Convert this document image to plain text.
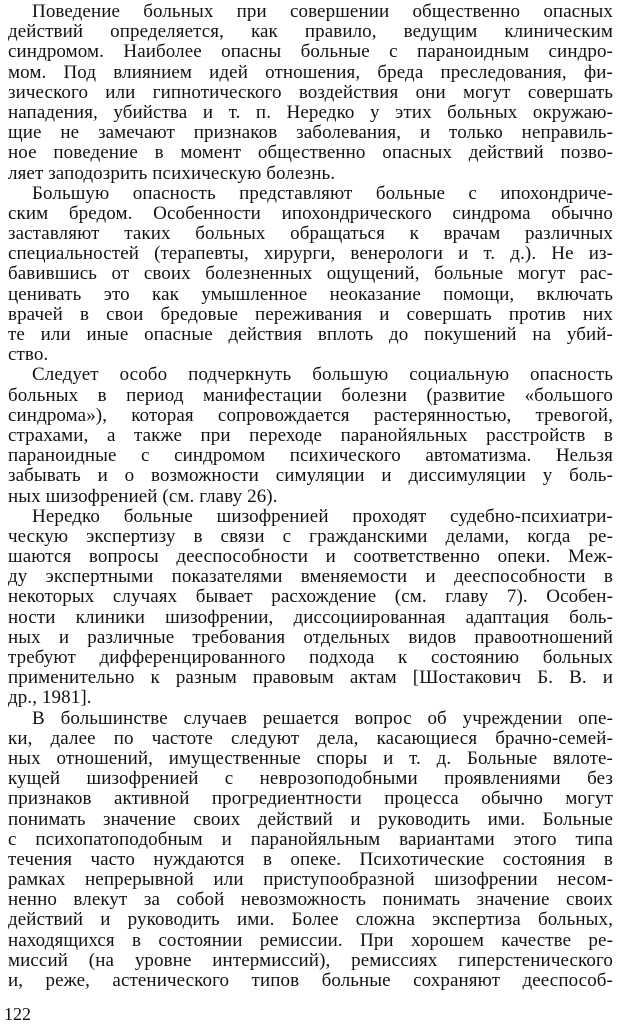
Поведение больных при совершении общественно опасных
действий определяется, как правило, ведущим клиническим
синдромом. Наиболее опасны больные с параноидным синдро-
мом. Под влиянием идей отношения, бреда преследования, фи-
зического или гипнотического воздействия они могут совершать
нападения, убийства и т. п. Нередко у этих больных окружаю-
щие не замечают признаков заболевания, и только неправиль-
ное поведение в момент общественно опасных действий позво-
ляет заподозрить психическую болезнь.
Большую опасность представляют больные с ипохондриче-
ским бредом. Особенности ипохондрического синдрома обычно
заставляют таких больных обращаться к врачам различных
специальностей (терапевты, хирурги, венерологи и т. д.). Не из-
бавившись от своих болезненных ощущений, больные могут рас-
ценивать это как умышленное неоказание помощи, включать
врачей в свои бредовые переживания и совершать против них
те или иные опасные действия вплоть до покушений на убий-
ство.
Следует особо подчеркнуть большую социальную опасность
больных в период манифестации болезни (развитие «большого
синдрома»), которая сопровождается растерянностью, тревогой,
страхами, а также при переходе паранойяльных расстройств в
параноидные с синдромом психического автоматизма. Нельзя
забывать и о возможности симуляции и диссимуляции у боль-
ных шизофренией (см. главу 26).
Нередко больные шизофренией проходят судебно-психиатри-
ческую экспертизу в связи с гражданскими делами, когда ре-
шаются вопросы дееспособности и соответственно опеки. Меж-
ду экспертными показателями вменяемости и дееспособности в
некоторых случаях бывает расхождение (см. главу 7). Особен-
ности клиники шизофрении, диссоциированная адаптация боль-
ных и различные требования отдельных видов правоотношений
требуют дифференцированного подхода к состоянию больных
применительно к разным правовым актам [Шостакович Б. В. и
др., 1981].
В большинстве случаев решается вопрос об учреждении опе-
ки, далее по частоте следуют дела, касающиеся брачно-семей-
ных отношений, имущественные споры и т. д. Больные вялоте-
кущей шизофренией с неврозоподобными проявлениями без
признаков активной прогредиентности процесса обычно могут
понимать значение своих действий и руководить ими. Больные
с психопатоподобным и паранойяльным вариантами этого типа
течения часто нуждаются в опеке. Психотические состояния в
рамках непрерывной или приступообразной шизофрении несом-
ненно влекут за собой невозможность понимать значение своих
действий и руководить ими. Более сложна экспертиза больных,
находящихся в состоянии ремиссии. При хорошем качестве ре-
миссий (на уровне интермиссий), ремиссиях гиперстенического
и, реже, астенического типов больные сохраняют дееспособ-
122
